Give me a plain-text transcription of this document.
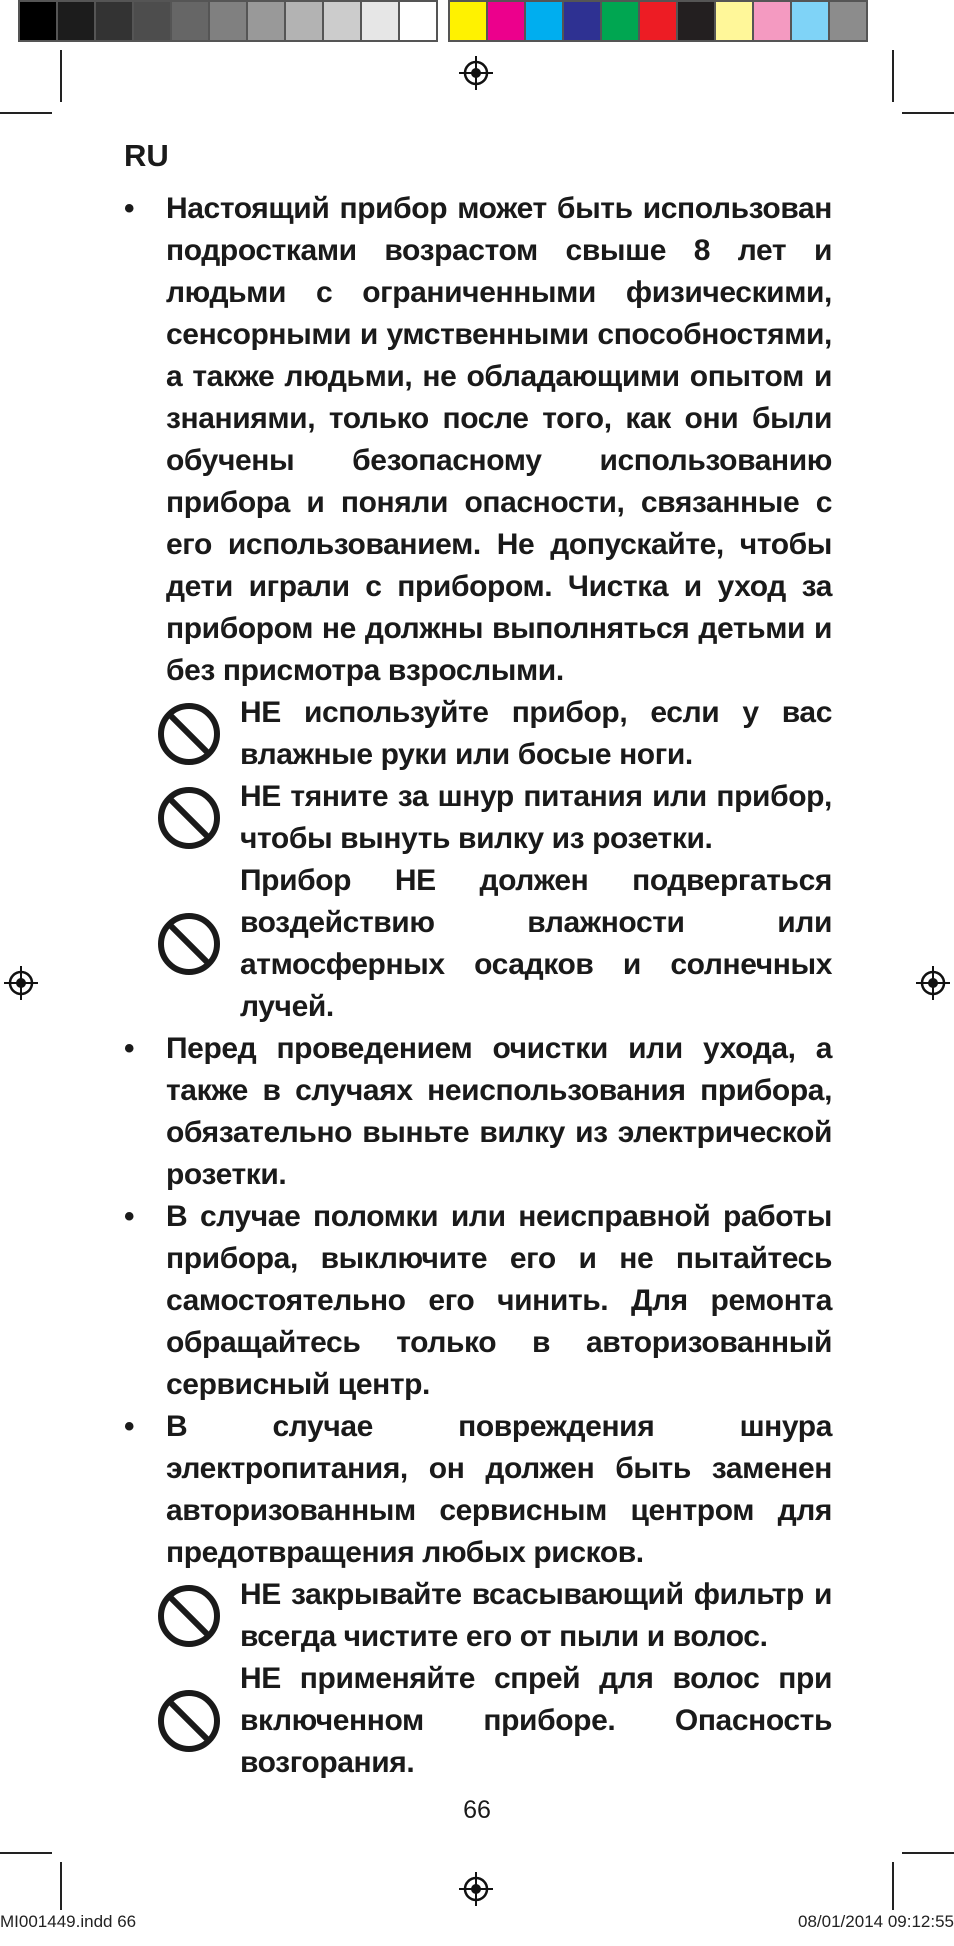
RU
•	Настоящий прибор может быть использован подростками возрастом свыше 8 лет и людьми с ограниченными физическими, сенсорными и умственными способностями, а также людьми, не обладающими опытом и знаниями, только после того, как они были обучены безопасному использованию прибора и поняли опасности, связанные с его использованием. Не допускайте, чтобы дети играли с прибором. Чистка и уход за прибором не должны выполняться детьми и без присмотра взрослыми.
НЕ используйте прибор, если у вас влажные руки или босые ноги.
НЕ тяните за шнур питания или прибор, чтобы вынуть вилку из розетки.
Прибор НЕ должен подвергаться воздействию влажности или атмосферных осадков и солнечных лучей.
•	Перед проведением очистки или ухода, а также в случаях неиспользования прибора, обязательно выньте вилку из электрической розетки.
•	В случае поломки или неисправной работы прибора, выключите его и не пытайтесь самостоятельно его чинить. Для ремонта обращайтесь только в авторизованный сервисный центр.
•	В случае повреждения шнура электропитания, он должен быть заменен авторизованным сервисным центром для предотвращения любых рисков.
НЕ закрывайте всасывающий фильтр и всегда чистите его от пыли и волос.
НЕ применяйте спрей для волос при включенном приборе. Опасность возгорания.

66

MI001449.indd 66	08/01/2014 09:12:55
